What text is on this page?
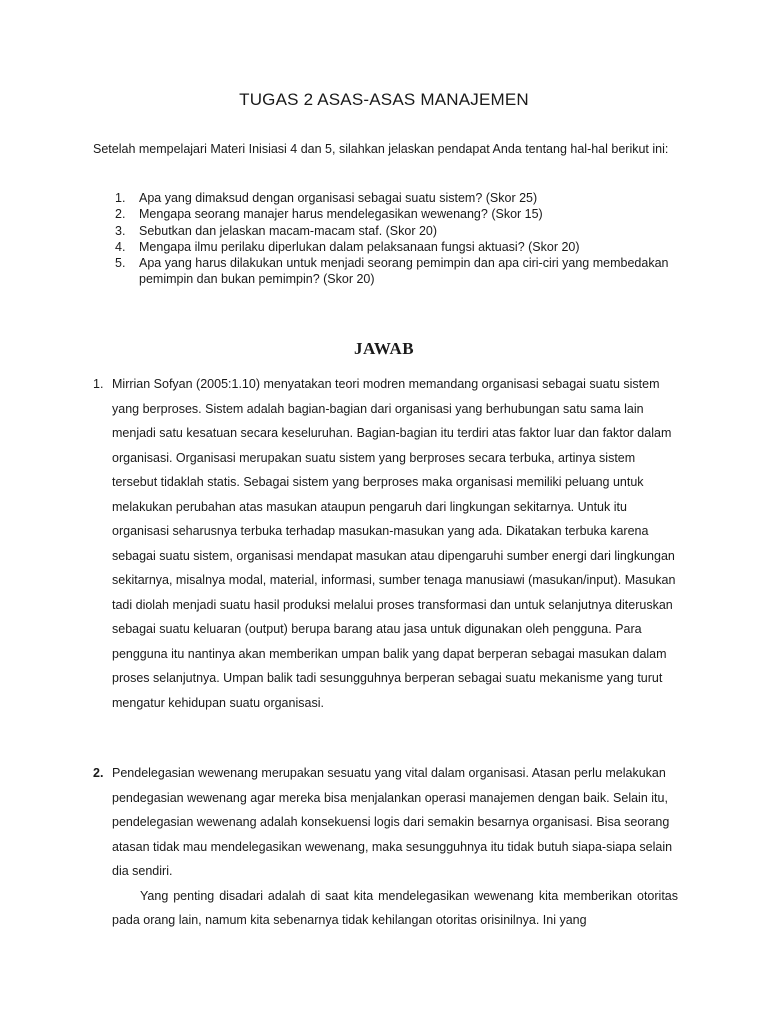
TUGAS 2 ASAS-ASAS MANAJEMEN
Setelah mempelajari Materi Inisiasi 4 dan 5, silahkan jelaskan pendapat Anda tentang hal-hal berikut ini:
1.	Apa yang dimaksud dengan organisasi sebagai suatu sistem? (Skor 25)
2.	Mengapa seorang manajer harus mendelegasikan wewenang? (Skor 15)
3.	Sebutkan dan jelaskan macam-macam staf. (Skor 20)
4.	Mengapa ilmu perilaku diperlukan dalam pelaksanaan fungsi aktuasi? (Skor 20)
5.	Apa yang harus dilakukan untuk menjadi seorang pemimpin dan apa ciri-ciri yang membedakan pemimpin dan bukan pemimpin? (Skor 20)
JAWAB
1. Mirrian Sofyan (2005:1.10) menyatakan teori modren memandang organisasi sebagai suatu sistem yang berproses. Sistem adalah bagian-bagian dari organisasi yang berhubungan satu sama lain menjadi satu kesatuan secara keseluruhan. Bagian-bagian itu terdiri atas faktor luar dan faktor dalam organisasi. Organisasi merupakan suatu sistem yang berproses secara terbuka, artinya sistem tersebut tidaklah statis. Sebagai sistem yang berproses maka organisasi memiliki peluang untuk melakukan perubahan atas masukan ataupun pengaruh dari lingkungan sekitarnya. Untuk itu organisasi seharusnya terbuka terhadap masukan-masukan yang ada. Dikatakan terbuka karena sebagai suatu sistem, organisasi mendapat masukan atau dipengaruhi sumber energi dari lingkungan sekitarnya, misalnya modal, material, informasi, sumber tenaga manusiawi (masukan/input). Masukan tadi diolah menjadi suatu hasil produksi melalui proses transformasi dan untuk selanjutnya diteruskan sebagai suatu keluaran (output) berupa barang atau jasa untuk digunakan oleh pengguna. Para pengguna itu nantinya akan memberikan umpan balik yang dapat berperan sebagai masukan dalam proses selanjutnya. Umpan balik tadi sesungguhnya berperan sebagai suatu mekanisme yang turut mengatur kehidupan suatu organisasi.
2. Pendelegasian wewenang merupakan sesuatu yang vital dalam organisasi. Atasan perlu melakukan pendegasian wewenang agar mereka bisa menjalankan operasi manajemen dengan baik. Selain itu, pendelegasian wewenang adalah konsekuensi logis dari semakin besarnya organisasi. Bisa seorang atasan tidak mau mendelegasikan wewenang, maka sesungguhnya itu tidak butuh siapa-siapa selain dia sendiri.
Yang penting disadari adalah di saat kita mendelegasikan wewenang kita memberikan otoritas pada orang lain, namum kita sebenarnya tidak kehilangan otoritas orisinilnya. Ini yang
